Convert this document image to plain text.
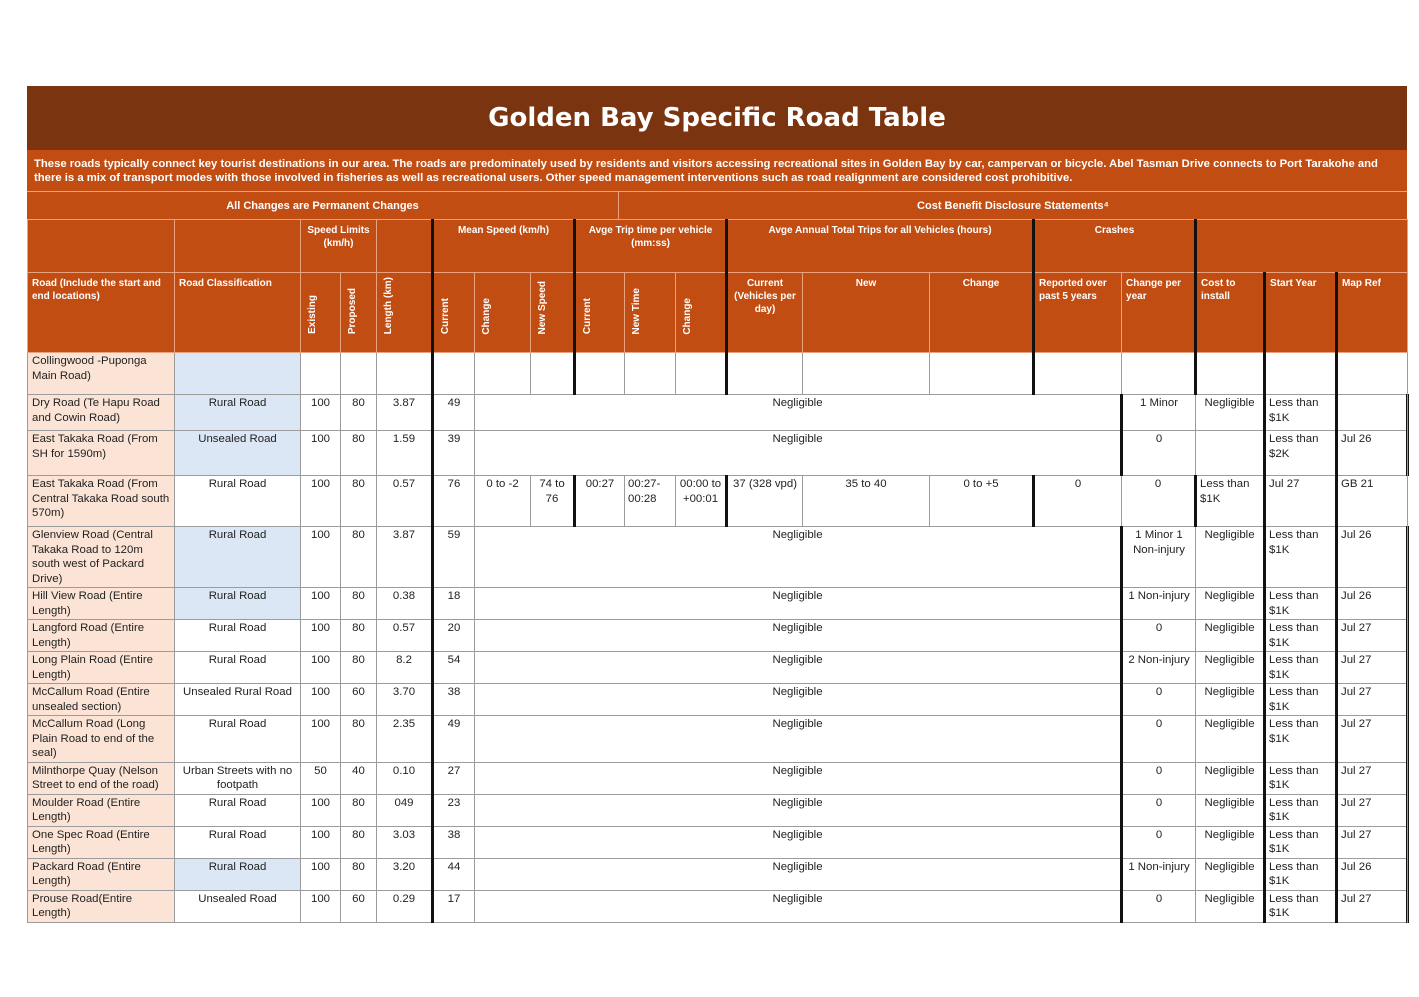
Golden Bay Specific Road Table
These roads typically connect key tourist destinations in our area. The roads are predominately used by residents and visitors accessing recreational sites in Golden Bay by car, campervan or bicycle. Abel Tasman Drive connects to Port Tarakohe and there is a mix of transport modes with those involved in fisheries as well as recreational users. Other speed management interventions such as road realignment are considered cost prohibitive.
All Changes are Permanent Changes	Cost Benefit Disclosure Statements⁴
		Speed Limits (km/h)			Mean Speed (km/h)			Avge Trip time per vehicle (mm:ss)			Avge Annual Total Trips for all Vehicles (hours)			Crashes					
Road (Include the start and end locations)	Road Classification	Existing	Proposed	Length (km)	Current	Change	New Speed	Current	New Time	Change	Current (Vehicles per day)	New	Change	Reported over past 5 years	Change per year	Cost to install	Start Year	Map Ref	
Collingwood -Puponga Main Road)																			
Dry Road (Te Hapu Road and Cowin Road)	Rural Road	100	80	3.87	49	Negligible									1 Minor	Negligible	Less than $1K		
East Takaka Road (From SH for 1590m)	Unsealed Road	100	80	1.59	39	Negligible									0		Less than $2K	Jul 26	
East Takaka Road (From Central Takaka Road south 570m)	Rural Road	100	80	0.57	76	0 to -2	74 to 76	00:27	00:27-00:28	00:00 to +00:01	37 (328 vpd)	35 to 40	0 to +5	0	0	Less than $1K	Jul 27	GB 21	
Glenview Road (Central Takaka Road to 120m south west of Packard Drive)	Rural Road	100	80	3.87	59	Negligible									1 Minor 1 Non-injury	Negligible	Less than $1K	Jul 26	
Hill View Road (Entire Length)	Rural Road	100	80	0.38	18	Negligible									1 Non-injury	Negligible	Less than $1K	Jul 26	
Langford Road (Entire Length)	Rural Road	100	80	0.57	20	Negligible									0	Negligible	Less than $1K	Jul 27	
Long Plain Road (Entire Length)	Rural Road	100	80	8.2	54	Negligible									2 Non-injury	Negligible	Less than $1K	Jul 27	
McCallum Road (Entire unsealed section)	Unsealed Rural Road	100	60	3.70	38	Negligible									0	Negligible	Less than $1K	Jul 27	
McCallum Road (Long Plain Road to end of the seal)	Rural Road	100	80	2.35	49	Negligible									0	Negligible	Less than $1K	Jul 27	
Milnthorpe Quay (Nelson Street to end of the road)	Urban Streets with no footpath	50	40	0.10	27	Negligible									0	Negligible	Less than $1K	Jul 27	
Moulder Road (Entire Length)	Rural Road	100	80	049	23	Negligible									0	Negligible	Less than $1K	Jul 27	
One Spec Road (Entire Length)	Rural Road	100	80	3.03	38	Negligible									0	Negligible	Less than $1K	Jul 27	
Packard Road (Entire Length)	Rural Road	100	80	3.20	44	Negligible									1 Non-injury	Negligible	Less than $1K	Jul 26	
Prouse Road(Entire Length)	Unsealed Road	100	60	0.29	17	Negligible									0	Negligible	Less than $1K	Jul 27	
